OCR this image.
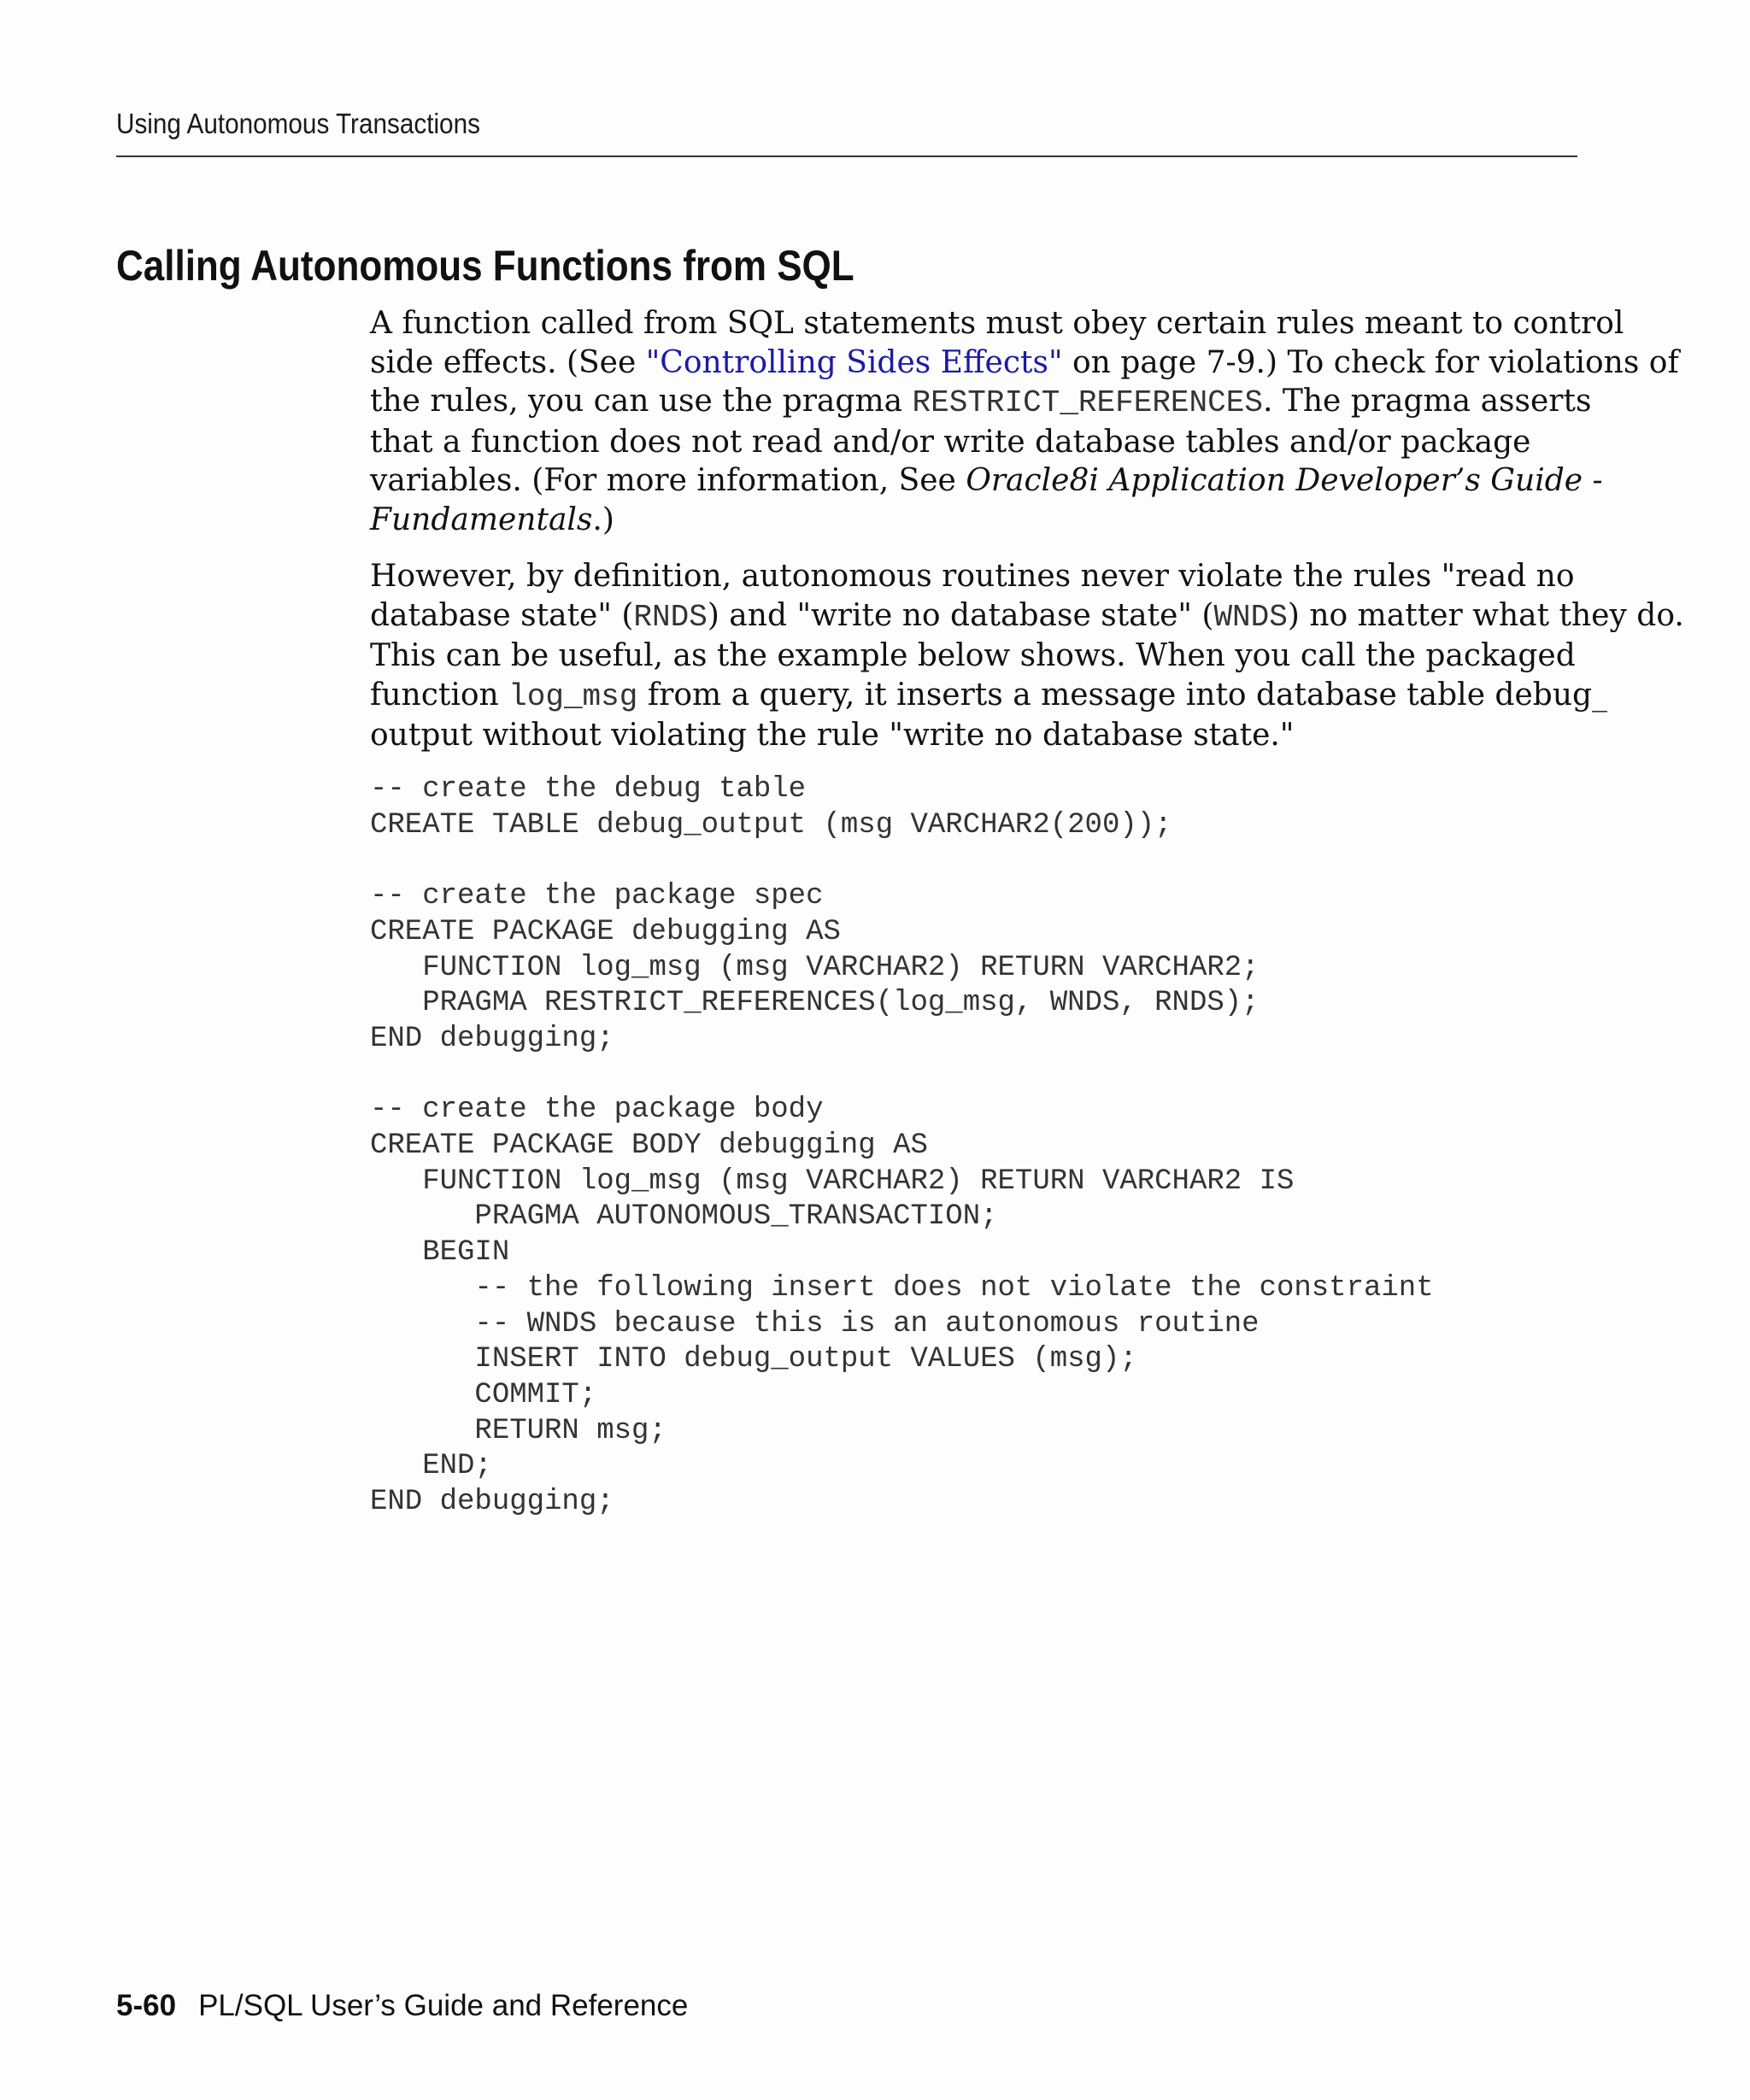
Using Autonomous Transactions
Calling Autonomous Functions from SQL

A function called from SQL statements must obey certain rules meant to control
side effects. (See "Controlling Sides Effects" on page 7-9.) To check for violations of
the rules, you can use the pragma RESTRICT_REFERENCES. The pragma asserts
that a function does not read and/or write database tables and/or package
variables. (For more information, See Oracle8i Application Developer’s Guide -
Fundamentals.)

However, by definition, autonomous routines never violate the rules "read no
database state" (RNDS) and "write no database state" (WNDS) no matter what they do.
This can be useful, as the example below shows. When you call the packaged
function log_msg from a query, it inserts a message into database table debug_
output without violating the rule "write no database state."

-- create the debug table
CREATE TABLE debug_output (msg VARCHAR2(200));

-- create the package spec
CREATE PACKAGE debugging AS
FUNCTION log_msg (msg VARCHAR2) RETURN VARCHAR2;
PRAGMA RESTRICT_REFERENCES(log_msg, WNDS, RNDS);
END debugging;

-- create the package body
CREATE PACKAGE BODY debugging AS
FUNCTION log_msg (msg VARCHAR2) RETURN VARCHAR2 IS
PRAGMA AUTONOMOUS_TRANSACTION;
BEGIN
-- the following insert does not violate the constraint
-- WNDS because this is an autonomous routine
INSERT INTO debug_output VALUES (msg);
COMMIT;
RETURN msg;
END;
END debugging;
5-60 PL/SQL User’s Guide and Reference
